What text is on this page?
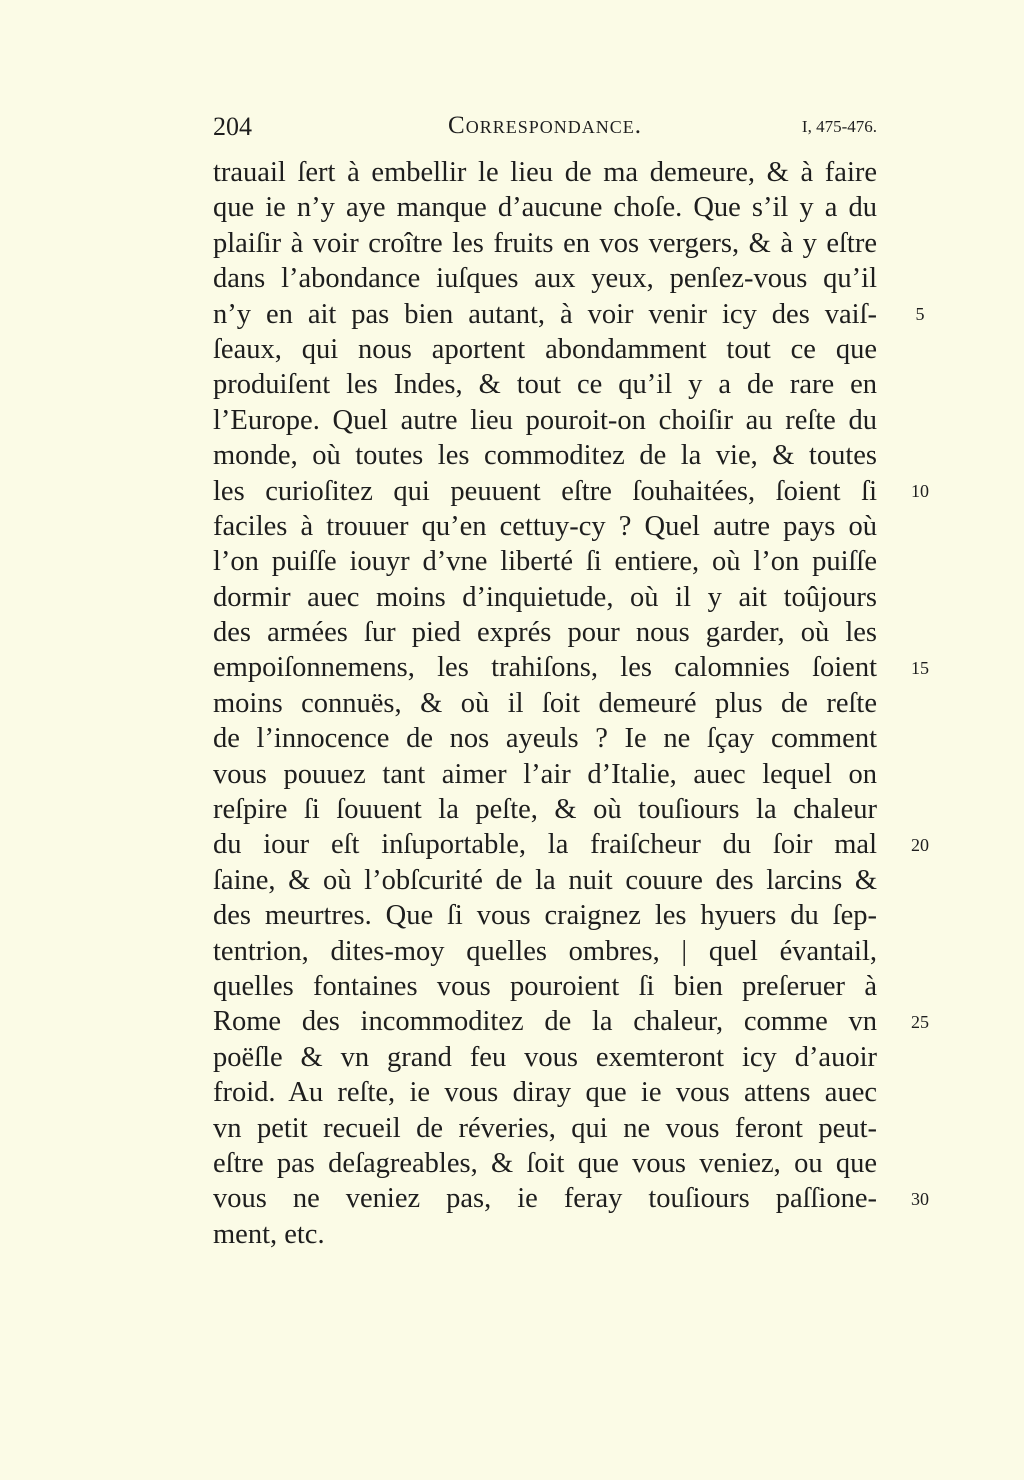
204	Correspondance.	I, 475-476.
trauail ſert à embellir le lieu de ma demeure, & à faire
que ie n’y aye manque d’aucune choſe. Que s’il y a du
plaiſir à voir croître les fruits en vos vergers, & à y eſtre
dans l’abondance iuſques aux yeux, penſez-vous qu’il
n’y en ait pas bien autant, à voir venir icy des vaiſ-
ſeaux, qui nous aportent abondamment tout ce que
produiſent les Indes, & tout ce qu’il y a de rare en
l’Europe. Quel autre lieu pouroit-on choiſir au reſte du
monde, où toutes les commoditez de la vie, & toutes
les curioſitez qui peuuent eſtre ſouhaitées, ſoient ſi
faciles à trouuer qu’en cettuy-cy ? Quel autre pays où
l’on puiſſe iouyr d’vne liberté ſi entiere, où l’on puiſſe
dormir auec moins d’inquietude, où il y ait toûjours
des armées ſur pied exprés pour nous garder, où les
empoiſonnemens, les trahiſons, les calomnies ſoient
moins connuës, & où il ſoit demeuré plus de reſte
de l’innocence de nos ayeuls ? Ie ne ſçay comment
vous pouuez tant aimer l’air d’Italie, auec lequel on
reſpire ſi ſouuent la peſte, & où touſiours la chaleur
du iour eſt inſuportable, la fraiſcheur du ſoir mal
ſaine, & où l’obſcurité de la nuit couure des larcins &
des meurtres. Que ſi vous craignez les hyuers du ſep-
tentrion, dites-moy quelles ombres, | quel évantail,
quelles fontaines vous pouroient ſi bien preſeruer à
Rome des incommoditez de la chaleur, comme vn
poëſle & vn grand feu vous exemteront icy d’auoir
froid. Au reſte, ie vous diray que ie vous attens auec
vn petit recueil de réveries, qui ne vous feront peut-
eſtre pas deſagreables, & ſoit que vous veniez, ou que
vous ne veniez pas, ie feray touſiours paſſione-
ment, etc.
5
10
15
20
25
30
